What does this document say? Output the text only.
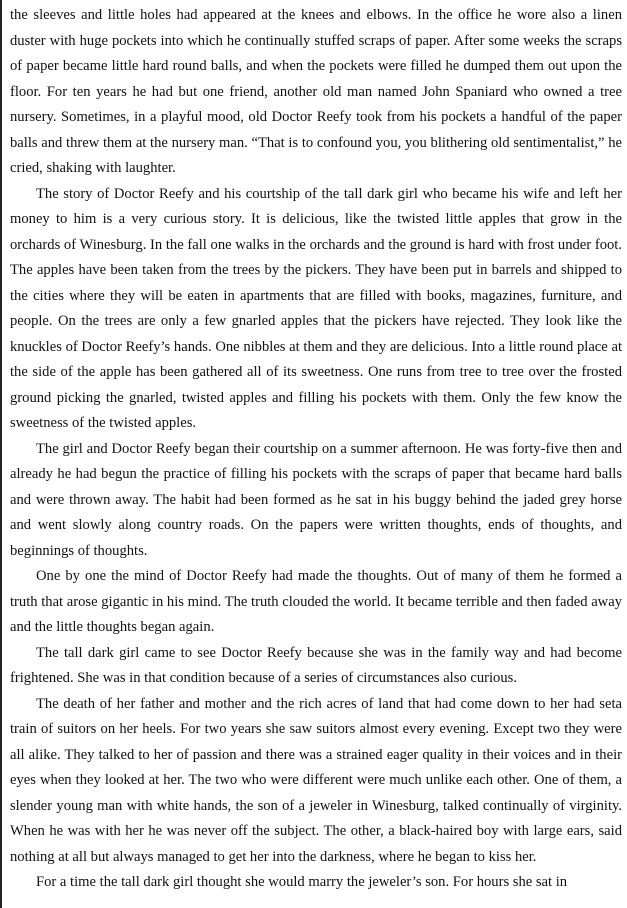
the sleeves and little holes had appeared at the knees and elbows. In the office he wore also a linen duster with huge pockets into which he continually stuffed scraps of paper. After some weeks the scraps of paper became little hard round balls, and when the pockets were filled he dumped them out upon the floor. For ten years he had but one friend, another old man named John Spaniard who owned a tree nursery. Sometimes, in a playful mood, old Doctor Reefy took from his pockets a handful of the paper balls and threw them at the nursery man. “That is to confound you, you blithering old sentimentalist,” he cried, shaking with laughter.

The story of Doctor Reefy and his courtship of the tall dark girl who became his wife and left her money to him is a very curious story. It is delicious, like the twisted little apples that grow in the orchards of Winesburg. In the fall one walks in the orchards and the ground is hard with frost under foot. The apples have been taken from the trees by the pickers. They have been put in barrels and shipped to the cities where they will be eaten in apartments that are filled with books, magazines, furniture, and people. On the trees are only a few gnarled apples that the pickers have rejected. They look like the knuckles of Doctor Reefy’s hands. One nibbles at them and they are delicious. Into a little round place at the side of the apple has been gathered all of its sweetness. One runs from tree to tree over the frosted ground picking the gnarled, twisted apples and filling his pockets with them. Only the few know the sweetness of the twisted apples.

The girl and Doctor Reefy began their courtship on a summer afternoon. He was forty-five then and already he had begun the practice of filling his pockets with the scraps of paper that became hard balls and were thrown away. The habit had been formed as he sat in his buggy behind the jaded grey horse and went slowly along country roads. On the papers were written thoughts, ends of thoughts, and beginnings of thoughts.

One by one the mind of Doctor Reefy had made the thoughts. Out of many of them he formed a truth that arose gigantic in his mind. The truth clouded the world. It became terrible and then faded away and the little thoughts began again.

The tall dark girl came to see Doctor Reefy because she was in the family way and had become frightened. She was in that condition because of a series of circumstances also curious.

The death of her father and mother and the rich acres of land that had come down to her had seta train of suitors on her heels. For two years she saw suitors almost every evening. Except two they were all alike. They talked to her of passion and there was a strained eager quality in their voices and in their eyes when they looked at her. The two who were different were much unlike each other. One of them, a slender young man with white hands, the son of a jeweler in Winesburg, talked continually of virginity. When he was with her he was never off the subject. The other, a black-haired boy with large ears, said nothing at all but always managed to get her into the darkness, where he began to kiss her.

For a time the tall dark girl thought she would marry the jeweler’s son. For hours she sat in
